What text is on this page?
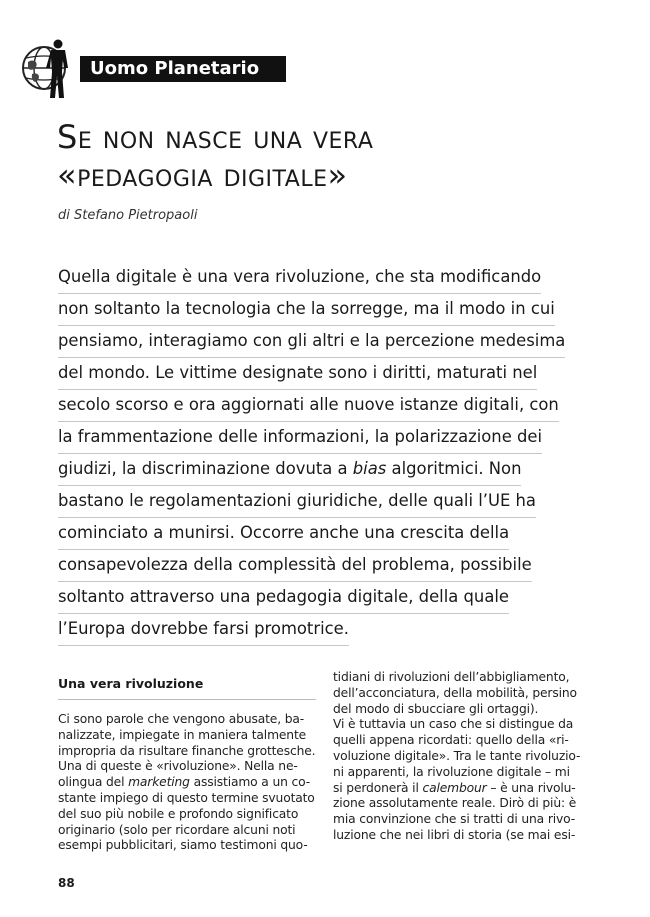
Uomo Planetario
Se non nasce una vera
«pedagogia digitale»
di Stefano Pietropaoli
Quella digitale è una vera rivoluzione, che sta modificando
non soltanto la tecnologia che la sorregge, ma il modo in cui
pensiamo, interagiamo con gli altri e la percezione medesima
del mondo. Le vittime designate sono i diritti, maturati nel
secolo scorso e ora aggiornati alle nuove istanze digitali, con
la frammentazione delle informazioni, la polarizzazione dei
giudizi, la discriminazione dovuta a bias algoritmici. Non
bastano le regolamentazioni giuridiche, delle quali l’UE ha
cominciato a munirsi. Occorre anche una crescita della
consapevolezza della complessità del problema, possibile
soltanto attraverso una pedagogia digitale, della quale
l’Europa dovrebbe farsi promotrice.
Una vera rivoluzione
Ci sono parole che vengono abusate, ba-
nalizzate, impiegate in maniera talmente
impropria da risultare finanche grottesche.
Una di queste è «rivoluzione». Nella ne-
olingua del marketing assistiamo a un co-
stante impiego di questo termine svuotato
del suo più nobile e profondo significato
originario (solo per ricordare alcuni noti
esempi pubblicitari, siamo testimoni quo-
tidiani di rivoluzioni dell’abbigliamento,
dell’acconciatura, della mobilità, persino
del modo di sbucciare gli ortaggi).
Vi è tuttavia un caso che si distingue da
quelli appena ricordati: quello della «ri-
voluzione digitale». Tra le tante rivoluzio-
ni apparenti, la rivoluzione digitale – mi
si perdonerà il calembour – è una rivolu-
zione assolutamente reale. Dirò di più: è
mia convinzione che si tratti di una rivo-
luzione che nei libri di storia (se mai esi-
88
